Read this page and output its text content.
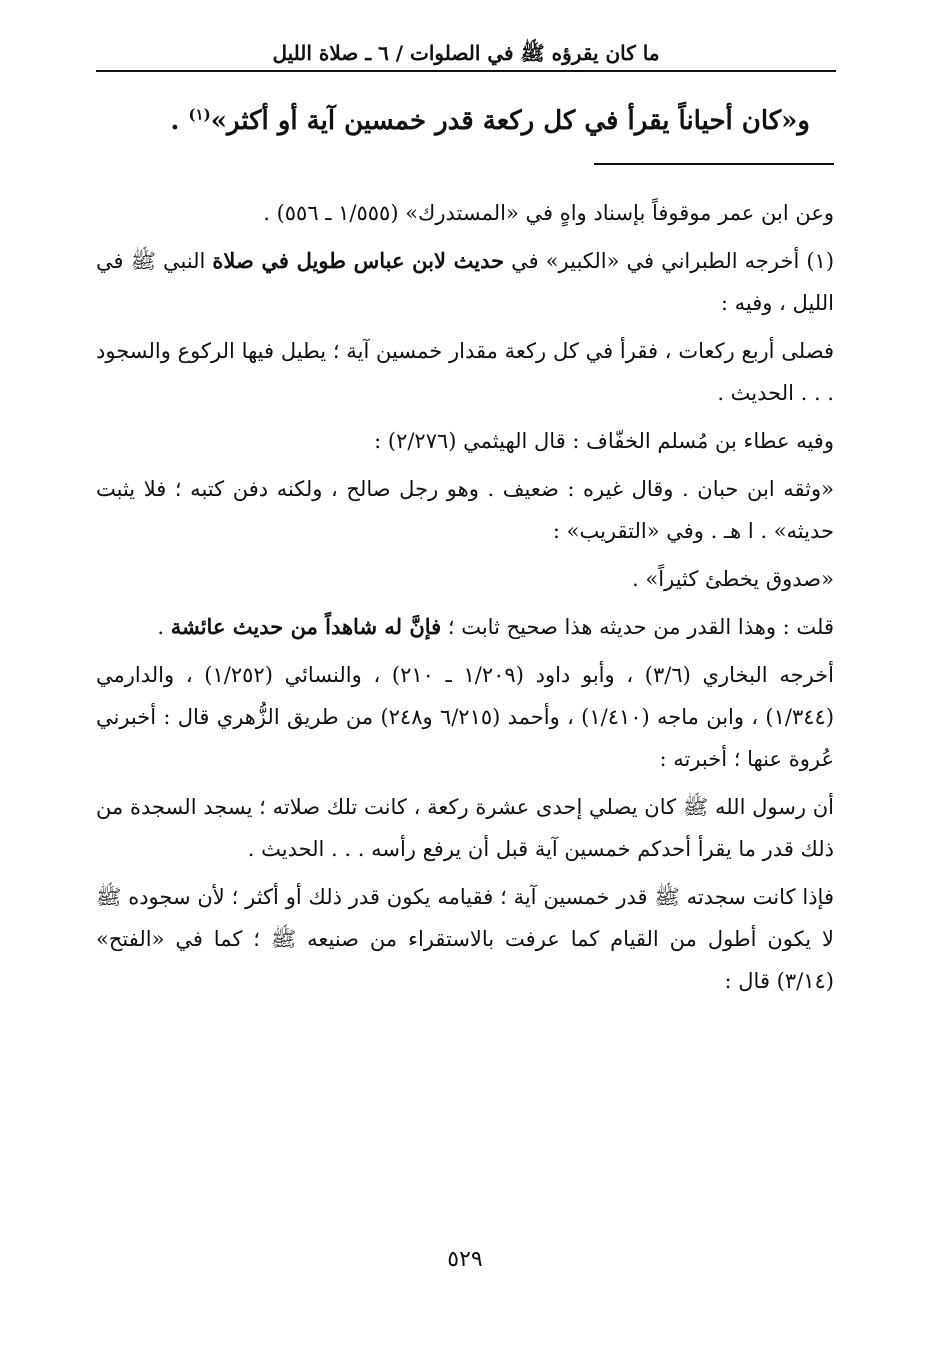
ما كان يقرؤه ﷺ في الصلوات / ٦ ـ صلاة الليل
و«كان أحياناً يقرأ في كل ركعة قدر خمسين آية أو أكثر»$^{(١)}$ .

وعن ابن عمر موقوفاً بإسناد واهٍ في «المستدرك» (١/٥٥٥ ـ ٥٥٦) .

(١) أخرجه الطبراني في «الكبير» في حديث لابن عباس طويل في صلاة النبي ﷺ في الليل ، وفيه :

فصلى أربع ركعات ، فقرأ في كل ركعة مقدار خمسين آية ؛ يطيل فيها الركوع والسجود . . . الحديث .

وفيه عطاء بن مُسلم الخفّاف : قال الهيثمي (٢/٢٧٦) :

«وثقه ابن حبان . وقال غيره : ضعيف . وهو رجل صالح ، ولكنه دفن كتبه ؛ فلا يثبت حديثه» . ا هـ . وفي «التقريب» :

«صدوق يخطئ كثيراً» .

قلت : وهذا القدر من حديثه هذا صحيح ثابت ؛ فإنَّ له شاهداً من حديث عائشة .

أخرجه البخاري (٣/٦) ، وأبو داود (١/٢٠٩ ـ ٢١٠) ، والنسائي (١/٢٥٢) ، والدارمي (١/٣٤٤) ، وابن ماجه (١/٤١٠) ، وأحمد (٦/٢١٥ و٢٤٨) من طريق الزُّهري قال : أخبرني عُروة عنها ؛ أخبرته :

أن رسول الله ﷺ كان يصلي إحدى عشرة ركعة ، كانت تلك صلاته ؛ يسجد السجدة من ذلك قدر ما يقرأ أحدكم خمسين آية قبل أن يرفع رأسه . . . الحديث .

فإذا كانت سجدته ﷺ قدر خمسين آية ؛ فقيامه يكون قدر ذلك أو أكثر ؛ لأن سجوده ﷺ لا يكون أطول من القيام كما عرفت بالاستقراء من صنيعه ﷺ ؛ كما في «الفتح» (٣/١٤) قال :

٥٢٩
